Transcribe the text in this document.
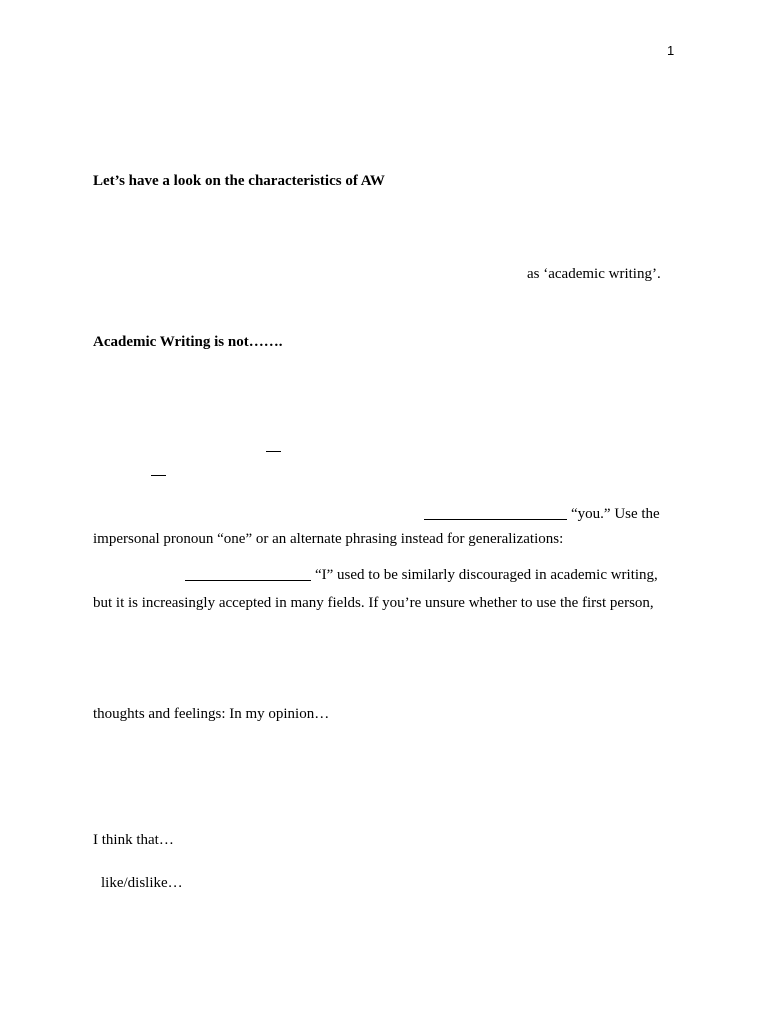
1
Let’s have a look on the characteristics of AW
as ‘academic writing’.
Academic Writing is not…….
“you.” Use the
impersonal pronoun “one” or an alternate phrasing instead for generalizations:
“I” used to be similarly discouraged in academic writing,
but it is increasingly accepted in many fields. If you’re unsure whether to use the first person,
thoughts and feelings: In my opinion…
I think that…
like/dislike…
